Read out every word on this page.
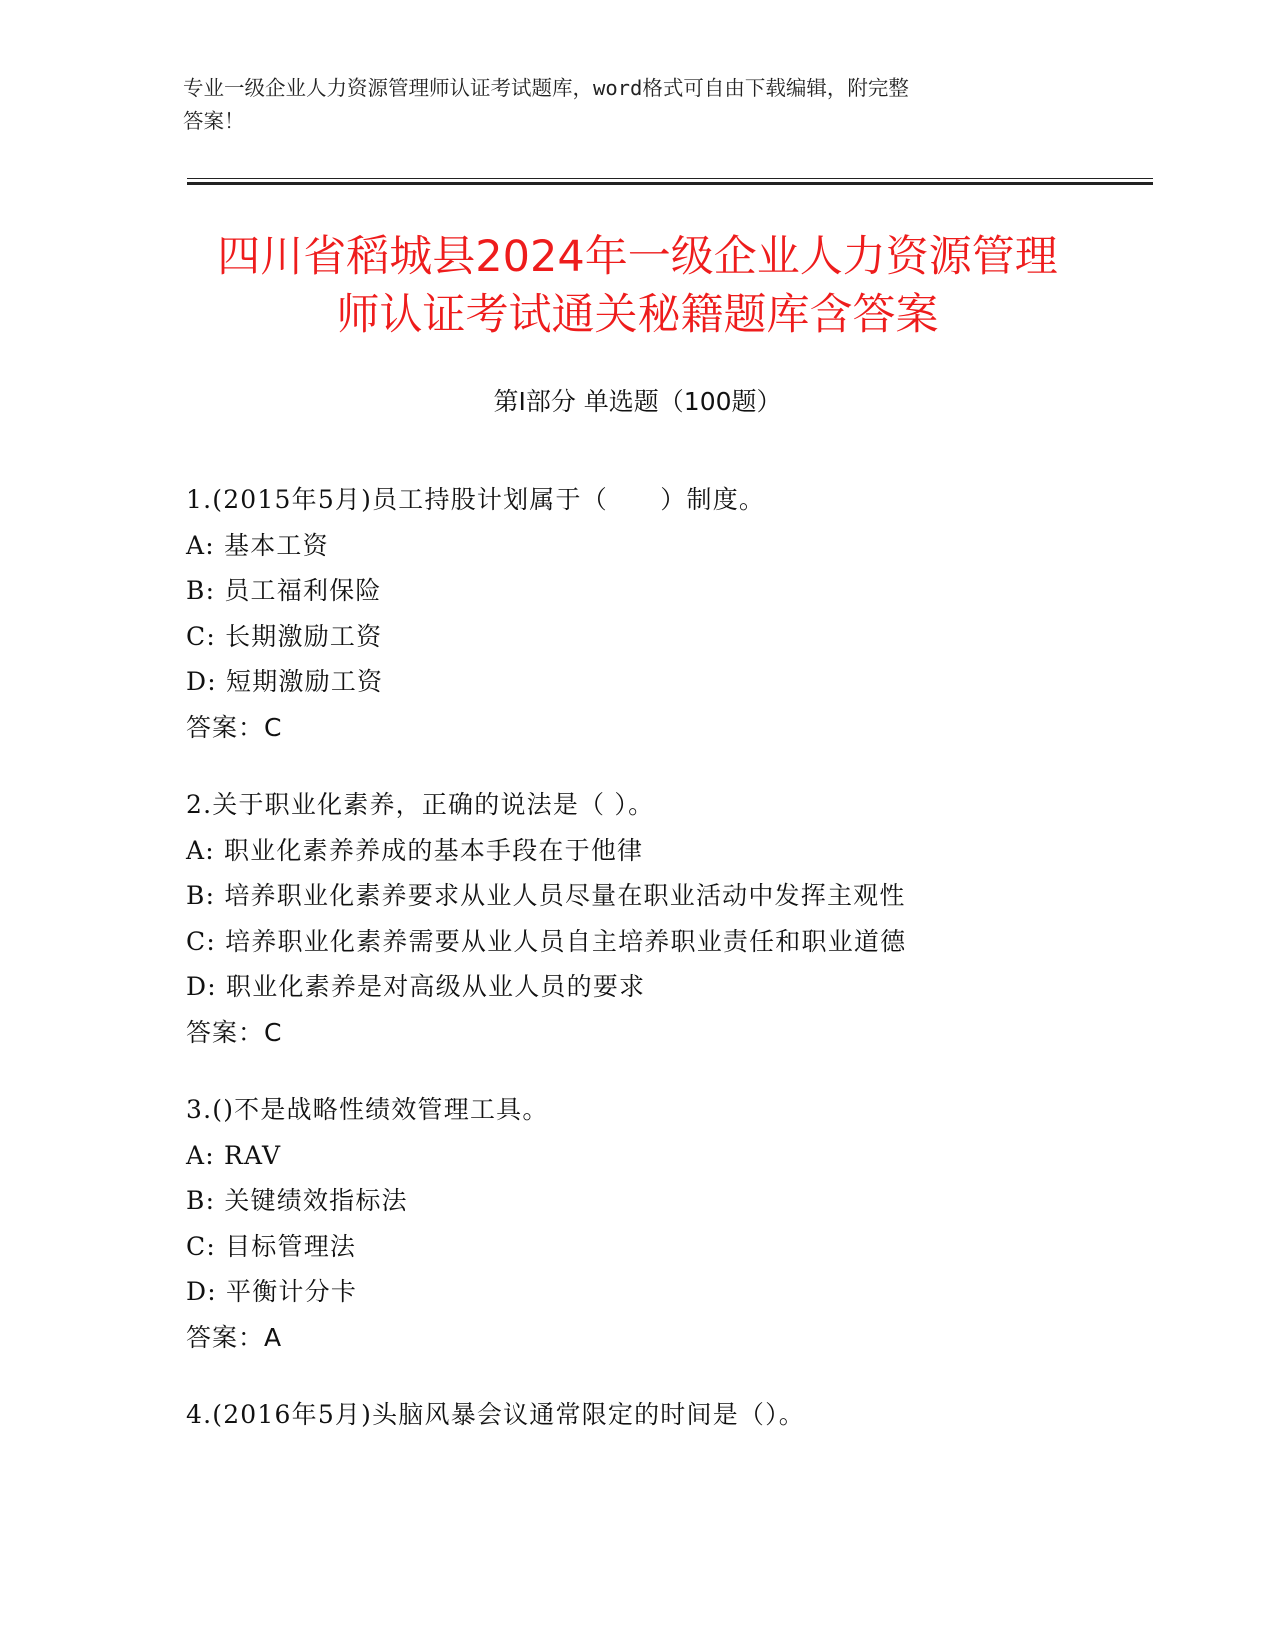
专业一级企业人力资源管理师认证考试题库，word格式可自由下载编辑，附完整
答案！
四川省稻城县2024年一级企业人力资源管理
师认证考试通关秘籍题库含答案
第Ⅰ部分 单选题（100题）
1.(2015年5月)员工持股计划属于（　　）制度。
A: 基本工资
B: 员工福利保险
C: 长期激励工资
D: 短期激励工资
答案：C
2.关于职业化素养，正确的说法是（ ）。
A: 职业化素养养成的基本手段在于他律
B: 培养职业化素养要求从业人员尽量在职业活动中发挥主观性
C: 培养职业化素养需要从业人员自主培养职业责任和职业道德
D: 职业化素养是对高级从业人员的要求
答案：C
3.()不是战略性绩效管理工具。
A: RAV
B: 关键绩效指标法
C: 目标管理法
D: 平衡计分卡
答案：A
4.(2016年5月)头脑风暴会议通常限定的时间是（）。
